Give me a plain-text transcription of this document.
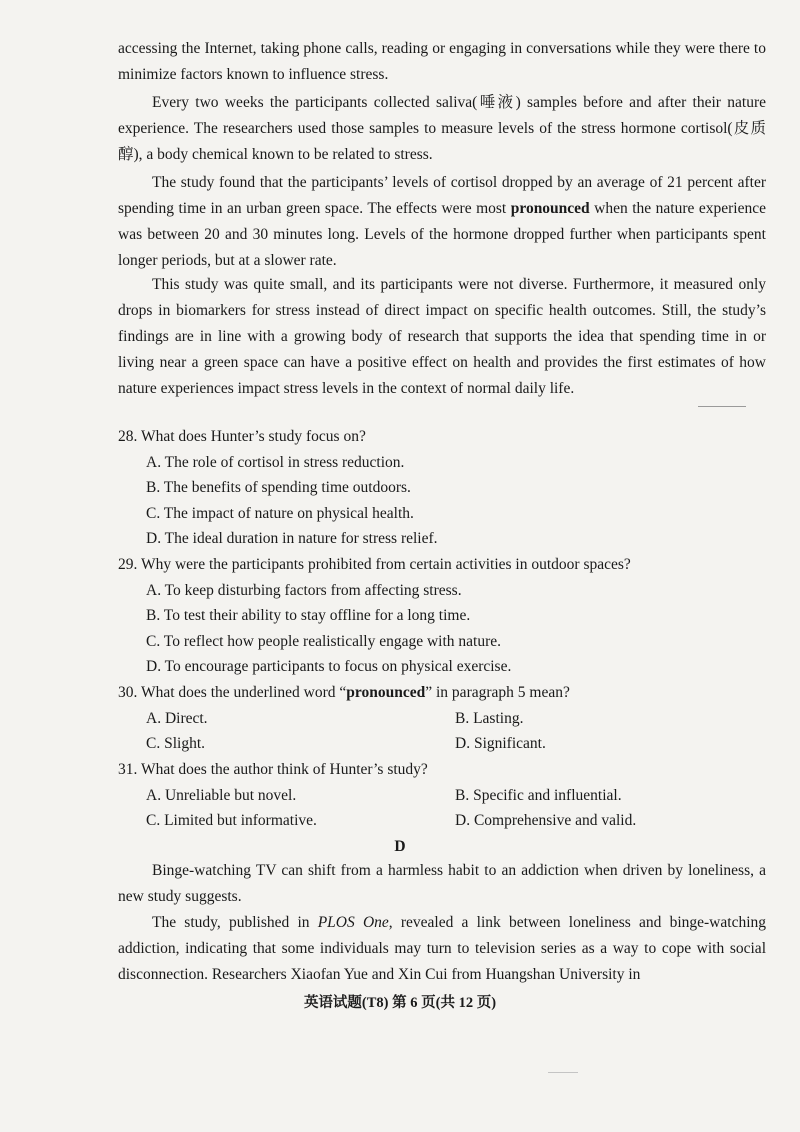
accessing the Internet, taking phone calls, reading or engaging in conversations while they were there to minimize factors known to influence stress.

Every two weeks the participants collected saliva(唾液) samples before and after their nature experience. The researchers used those samples to measure levels of the stress hormone cortisol(皮质醇), a body chemical known to be related to stress.

The study found that the participants’ levels of cortisol dropped by an average of 21 percent after spending time in an urban green space. The effects were most pronounced when the nature experience was between 20 and 30 minutes long. Levels of the hormone dropped further when participants spent longer periods, but at a slower rate.

This study was quite small, and its participants were not diverse. Furthermore, it measured only drops in biomarkers for stress instead of direct impact on specific health outcomes. Still, the study’s findings are in line with a growing body of research that supports the idea that spending time in or living near a green space can have a positive effect on health and provides the first estimates of how nature experiences impact stress levels in the context of normal daily life.

28. What does Hunter’s study focus on?

A. The role of cortisol in stress reduction.

B. The benefits of spending time outdoors.

C. The impact of nature on physical health.

D. The ideal duration in nature for stress relief.

29. Why were the participants prohibited from certain activities in outdoor spaces?

A. To keep disturbing factors from affecting stress.

B. To test their ability to stay offline for a long time.

C. To reflect how people realistically engage with nature.

D. To encourage participants to focus on physical exercise.

30. What does the underlined word “pronounced” in paragraph 5 mean?

A. Direct.	B. Lasting.

C. Slight.	D. Significant.

31. What does the author think of Hunter’s study?

A. Unreliable but novel.	B. Specific and influential.

C. Limited but informative.	D. Comprehensive and valid.

D

Binge-watching TV can shift from a harmless habit to an addiction when driven by loneliness, a new study suggests.

The study, published in PLOS One, revealed a link between loneliness and binge-watching addiction, indicating that some individuals may turn to television series as a way to cope with social disconnection. Researchers Xiaofan Yue and Xin Cui from Huangshan University in

英语试题(T8) 第 6 页(共 12 页)
